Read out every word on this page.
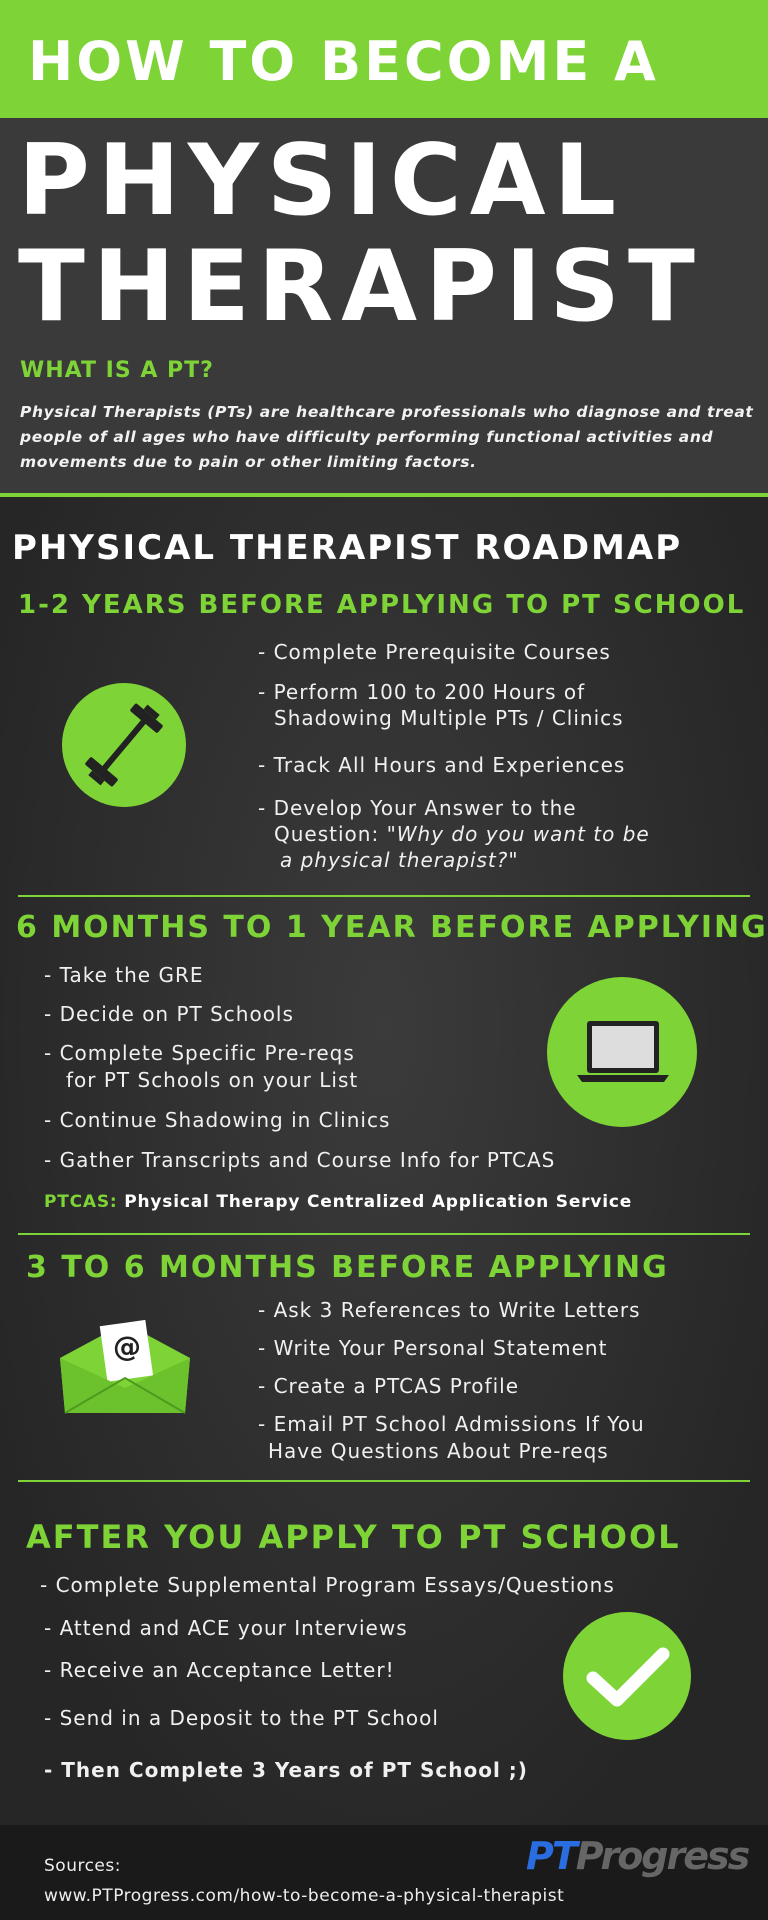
HOW TO BECOME A
PHYSICAL
THERAPIST
WHAT IS A PT?
Physical Therapists (PTs) are healthcare professionals who diagnose and treat people of all ages who have difficulty performing functional activities and movements due to pain or other limiting factors.
PHYSICAL THERAPIST ROADMAP
1-2 YEARS BEFORE APPLYING TO PT SCHOOL
- Complete Prerequisite Courses
- Perform 100 to 200 Hours of
Shadowing Multiple PTs / Clinics
- Track All Hours and Experiences
- Develop Your Answer to the
Question: "Why do you want to be
a physical therapist?"
6 MONTHS TO 1 YEAR BEFORE APPLYING
- Take the GRE
- Decide on PT Schools
- Complete Specific Pre-reqs
for PT Schools on your List
- Continue Shadowing in Clinics
- Gather Transcripts and Course Info for PTCAS
PTCAS: Physical Therapy Centralized Application Service
3 TO 6 MONTHS BEFORE APPLYING
- Ask 3 References to Write Letters
- Write Your Personal Statement
- Create a PTCAS Profile
- Email PT School Admissions If You
Have Questions About Pre-reqs
@
AFTER YOU APPLY TO PT SCHOOL
- Complete Supplemental Program Essays/Questions
- Attend and ACE your Interviews
- Receive an Acceptance Letter!
- Send in a Deposit to the PT School
- Then Complete 3 Years of PT School ;)
Sources:
www.PTProgress.com/how-to-become-a-physical-therapist
PTProgress
